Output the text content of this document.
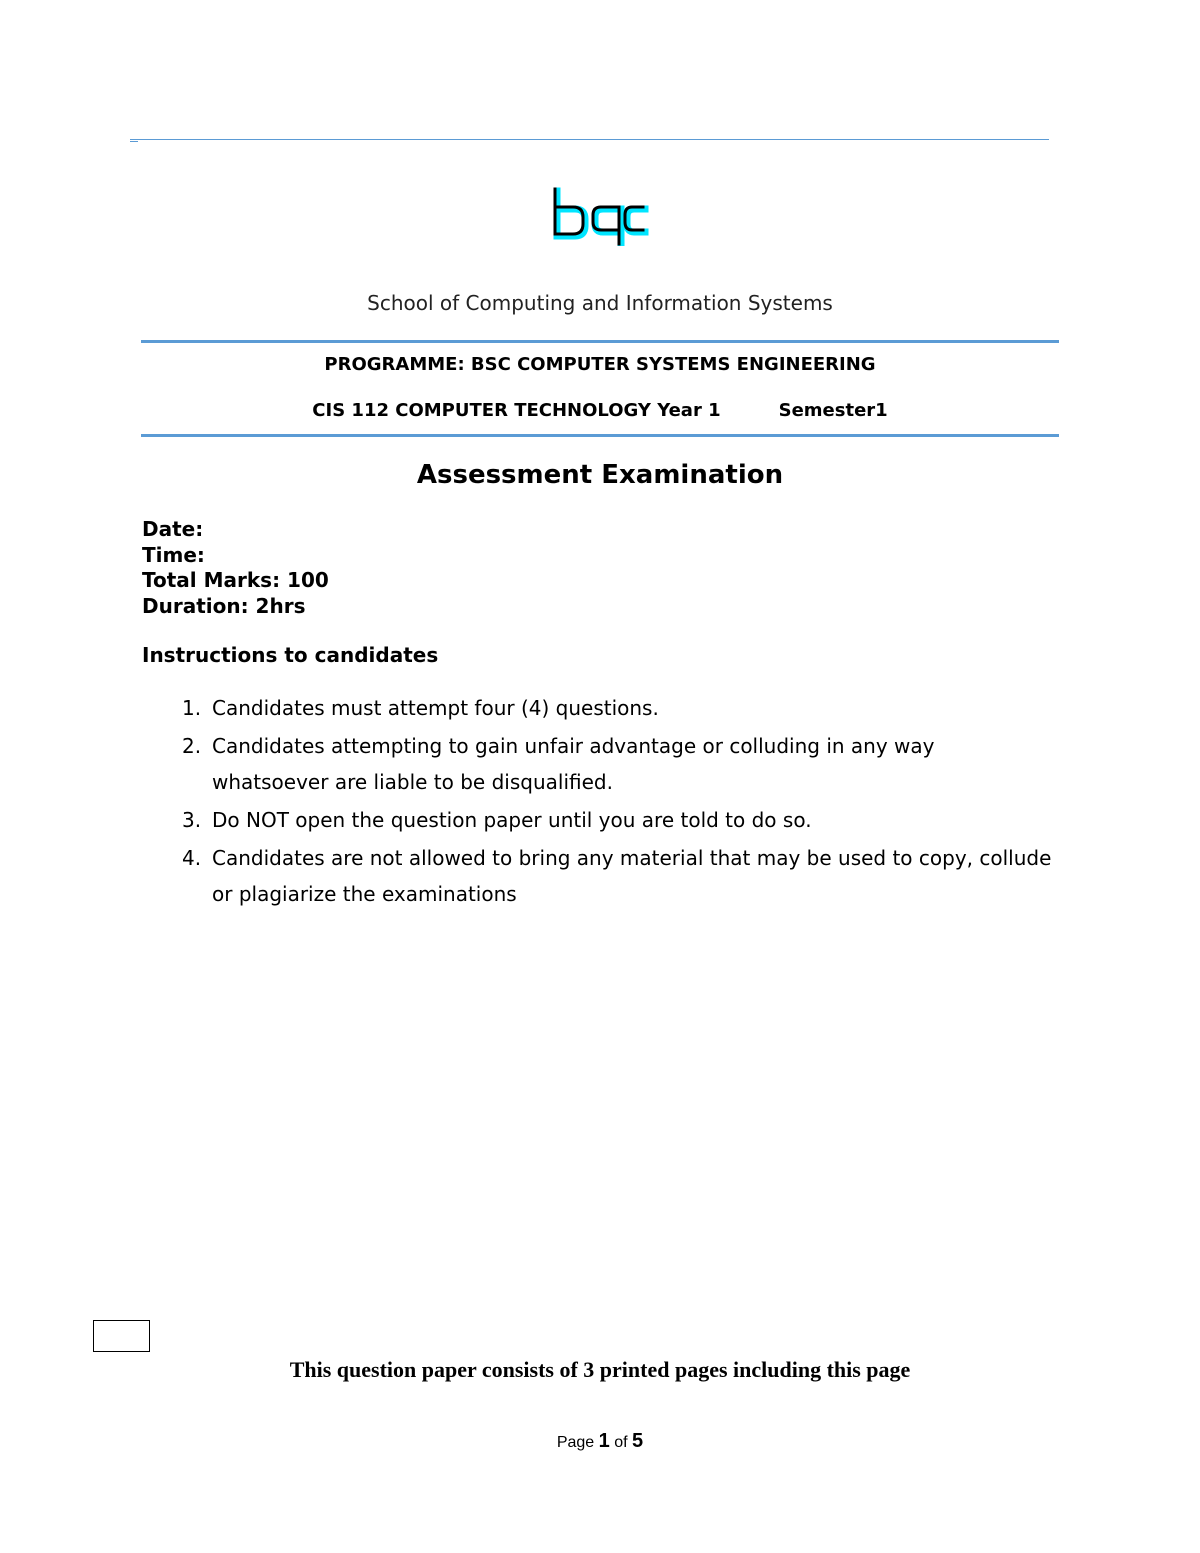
School of Computing and Information Systems
PROGRAMME: BSC COMPUTER SYSTEMS ENGINEERING
CIS 112 COMPUTER TECHNOLOGY Year 1	Semester1
Assessment Examination
Date:
Time:
Total Marks: 100
Duration: 2hrs
Instructions to candidates
1. Candidates must attempt four (4) questions.
2. Candidates attempting to gain unfair advantage or colluding in any way whatsoever are liable to be disqualified.
3. Do NOT open the question paper until you are told to do so.
4. Candidates are not allowed to bring any material that may be used to copy, collude or plagiarize the examinations
This question paper consists of 3 printed pages including this page
Page 1 of 5
